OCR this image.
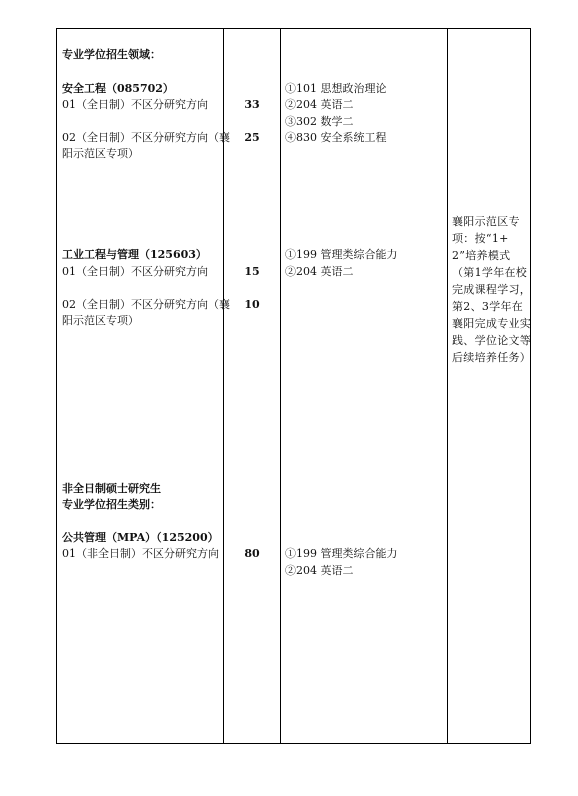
专业学位招生领域：
安全工程（085702）
01（全日制）不区分研究方向
02（全日制）不区分研究方向（襄
阳示范区专项）
工业工程与管理（125603）
01（全日制）不区分研究方向
02（全日制）不区分研究方向（襄
阳示范区专项）
非全日制硕士研究生
专业学位招生类别：
公共管理（MPA）（125200）
01（非全日制）不区分研究方向
33
25
15
10
80
①101 思想政治理论
②204 英语二
③302 数学二
④830 安全系统工程
①199 管理类综合能力
②204 英语二
①199 管理类综合能力
②204 英语二
襄阳示范区专项：按“1+2”培养模式（第1学年在校完成课程学习，第2、3学年在襄阳完成专业实践、学位论文等后续培养任务）
